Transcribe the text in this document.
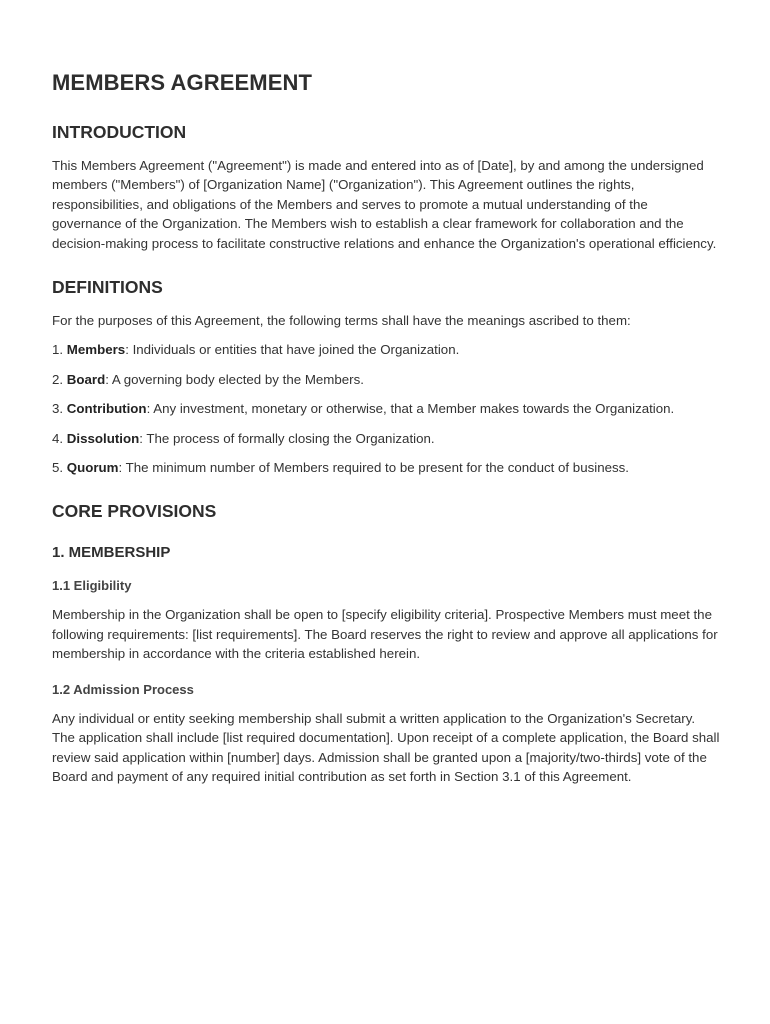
MEMBERS AGREEMENT
INTRODUCTION

This Members Agreement ("Agreement") is made and entered into as of [Date], by and among the undersigned members ("Members") of [Organization Name] ("Organization"). This Agreement outlines the rights, responsibilities, and obligations of the Members and serves to promote a mutual understanding of the governance of the Organization. The Members wish to establish a clear framework for collaboration and the decision-making process to facilitate constructive relations and enhance the Organization's operational efficiency.

DEFINITIONS

For the purposes of this Agreement, the following terms shall have the meanings ascribed to them:

1. Members: Individuals or entities that have joined the Organization.

2. Board: A governing body elected by the Members.

3. Contribution: Any investment, monetary or otherwise, that a Member makes towards the Organization.

4. Dissolution: The process of formally closing the Organization.

5. Quorum: The minimum number of Members required to be present for the conduct of business.

CORE PROVISIONS
1. MEMBERSHIP
1.1 Eligibility

Membership in the Organization shall be open to [specify eligibility criteria]. Prospective Members must meet the following requirements: [list requirements]. The Board reserves the right to review and approve all applications for membership in accordance with the criteria established herein.

1.2 Admission Process

Any individual or entity seeking membership shall submit a written application to the Organization's Secretary. The application shall include [list required documentation]. Upon receipt of a complete application, the Board shall review said application within [number] days. Admission shall be granted upon a [majority/two-thirds] vote of the Board and payment of any required initial contribution as set forth in Section 3.1 of this Agreement.
